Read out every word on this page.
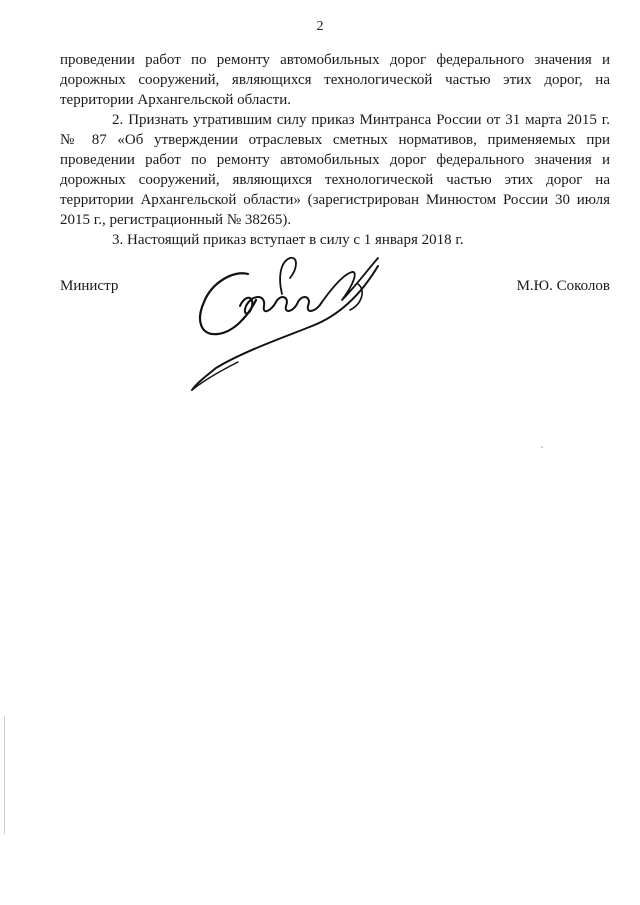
2

проведении работ по ремонту автомобильных дорог федерального значения и дорожных сооружений, являющихся технологической частью этих дорог, на территории Архангельской области.

2. Признать утратившим силу приказ Минтранса России от 31 марта 2015 г. № 87 «Об утверждении отраслевых сметных нормативов, применяемых при проведении работ по ремонту автомобильных дорог федерального значения и дорожных сооружений, являющихся технологической частью этих дорог на территории Архангельской области» (зарегистрирован Минюстом России 30 июля 2015 г., регистрационный № 38265).

3. Настоящий приказ вступает в силу с 1 января 2018 г.

Министр	М.Ю. Соколов
